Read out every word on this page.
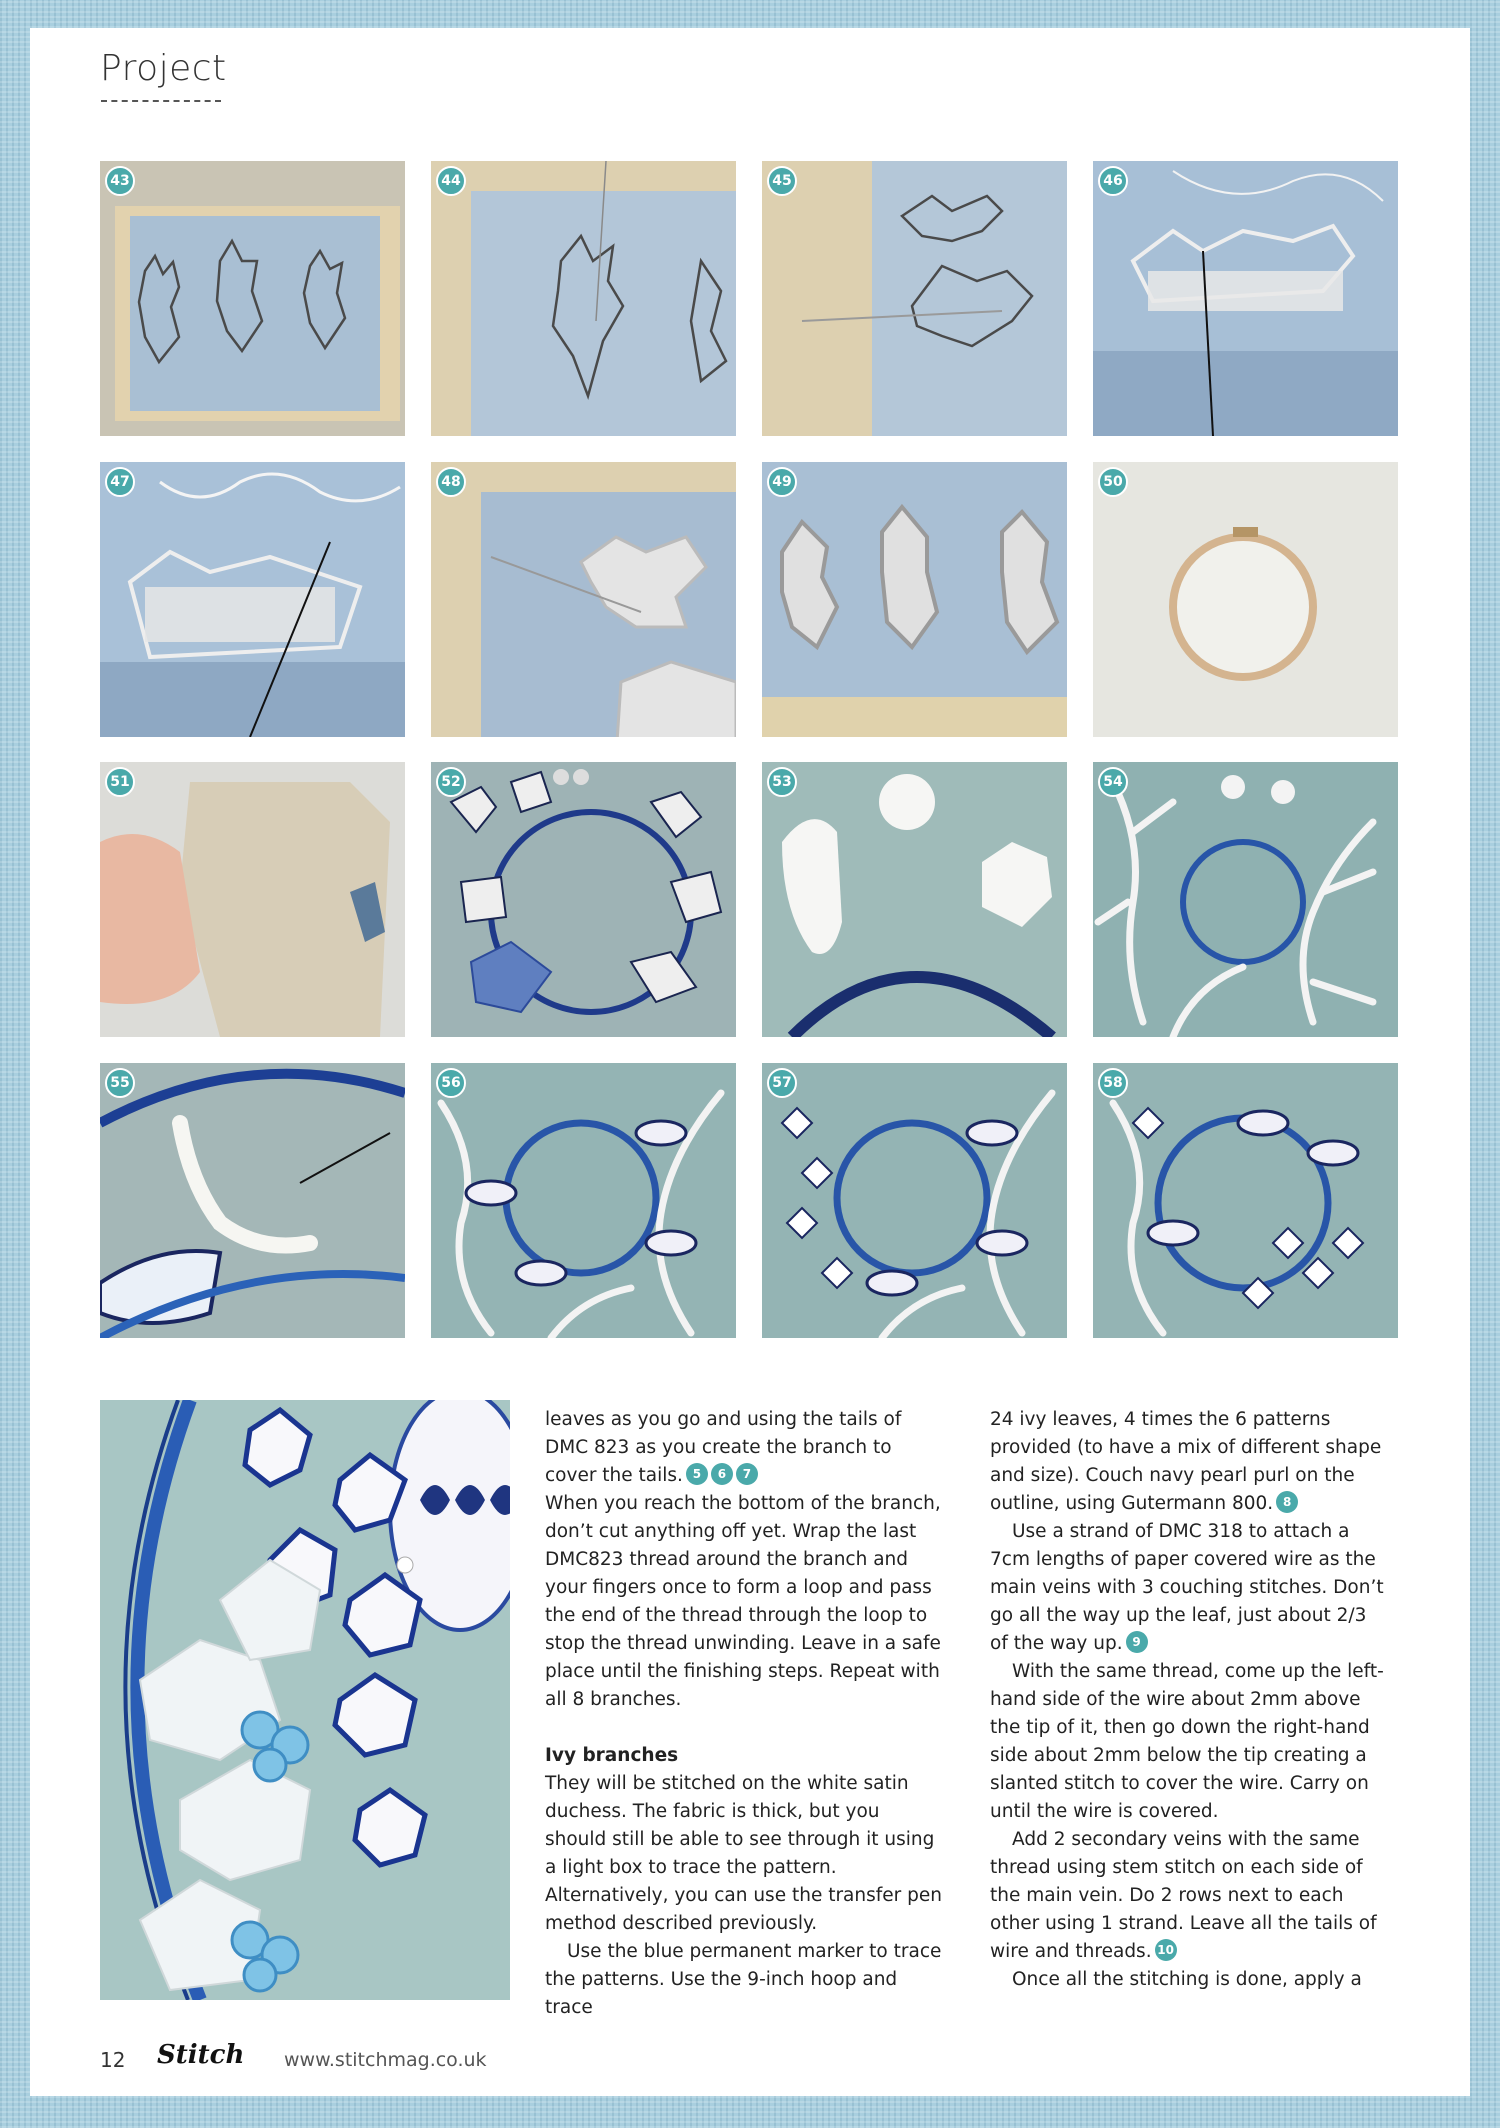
Project
43	44	45	46
47	48	49	50
51	52	53	54
55	56	57	58

leaves as you go and using the tails of DMC 823 as you create the branch to cover the tails. 5 6 7

When you reach the bottom of the branch, don’t cut anything off yet. Wrap the last DMC823 thread around the branch and your fingers once to form a loop and pass the end of the thread through the loop to stop the thread unwinding. Leave in a safe place until the finishing steps. Repeat with all 8 branches.

Ivy branches

They will be stitched on the white satin duchess. The fabric is thick, but you should still be able to see through it using a light box to trace the pattern. Alternatively, you can use the transfer pen method described previously.

Use the blue permanent marker to trace the patterns. Use the 9-inch hoop and trace

24 ivy leaves, 4 times the 6 patterns provided (to have a mix of different shape and size). Couch navy pearl purl on the outline, using Gutermann 800. 8

Use a strand of DMC 318 to attach a 7cm lengths of paper covered wire as the main veins with 3 couching stitches. Don’t go all the way up the leaf, just about 2/3 of the way up. 9

With the same thread, come up the left-hand side of the wire about 2mm above the tip of it, then go down the right-hand side about 2mm below the tip creating a slanted stitch to cover the wire. Carry on until the wire is covered.

Add 2 secondary veins with the same thread using stem stitch on each side of the main vein. Do 2 rows next to each other using 1 strand. Leave all the tails of wire and threads. 10

Once all the stitching is done, apply a

12 Stitch www.stitchmag.co.uk
